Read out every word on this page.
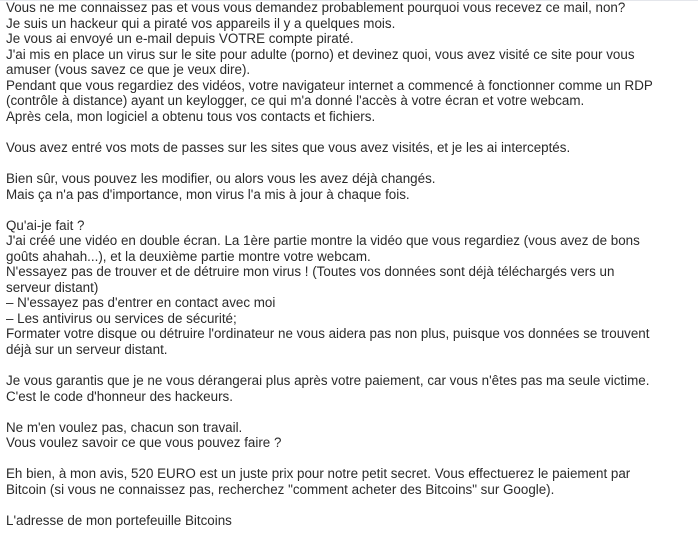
Vous ne me connaissez pas et vous vous demandez probablement pourquoi vous recevez ce mail, non?
Je suis un hackeur qui a piraté vos appareils il y a quelques mois.
Je vous ai envoyé un e-mail depuis VOTRE compte piraté.
J'ai mis en place un virus sur le site pour adulte (porno) et devinez quoi, vous avez visité ce site pour vous
amuser (vous savez ce que je veux dire).
Pendant que vous regardiez des vidéos, votre navigateur internet a commencé à fonctionner comme un RDP
(contrôle à distance) ayant un keylogger, ce qui m'a donné l'accès à votre écran et votre webcam.
Après cela, mon logiciel a obtenu tous vos contacts et fichiers.
Vous avez entré vos mots de passes sur les sites que vous avez visités, et je les ai interceptés.
Bien sûr, vous pouvez les modifier, ou alors vous les avez déjà changés.
Mais ça n'a pas d'importance, mon virus l'a mis à jour à chaque fois.
Qu'ai-je fait ?
J'ai créé une vidéo en double écran. La 1ère partie montre la vidéo que vous regardiez (vous avez de bons
goûts ahahah...), et la deuxième partie montre votre webcam.
N'essayez pas de trouver et de détruire mon virus ! (Toutes vos données sont déjà téléchargés vers un
serveur distant)
– N'essayez pas d'entrer en contact avec moi
– Les antivirus ou services de sécurité;
Formater votre disque ou détruire l'ordinateur ne vous aidera pas non plus, puisque vos données se trouvent
déjà sur un serveur distant.
Je vous garantis que je ne vous dérangerai plus après votre paiement, car vous n'êtes pas ma seule victime.
C'est le code d'honneur des hackeurs.
Ne m'en voulez pas, chacun son travail.
Vous voulez savoir ce que vous pouvez faire ?
Eh bien, à mon avis, 520 EURO est un juste prix pour notre petit secret. Vous effectuerez le paiement par
Bitcoin (si vous ne connaissez pas, recherchez "comment acheter des Bitcoins" sur Google).
L'adresse de mon portefeuille Bitcoins
